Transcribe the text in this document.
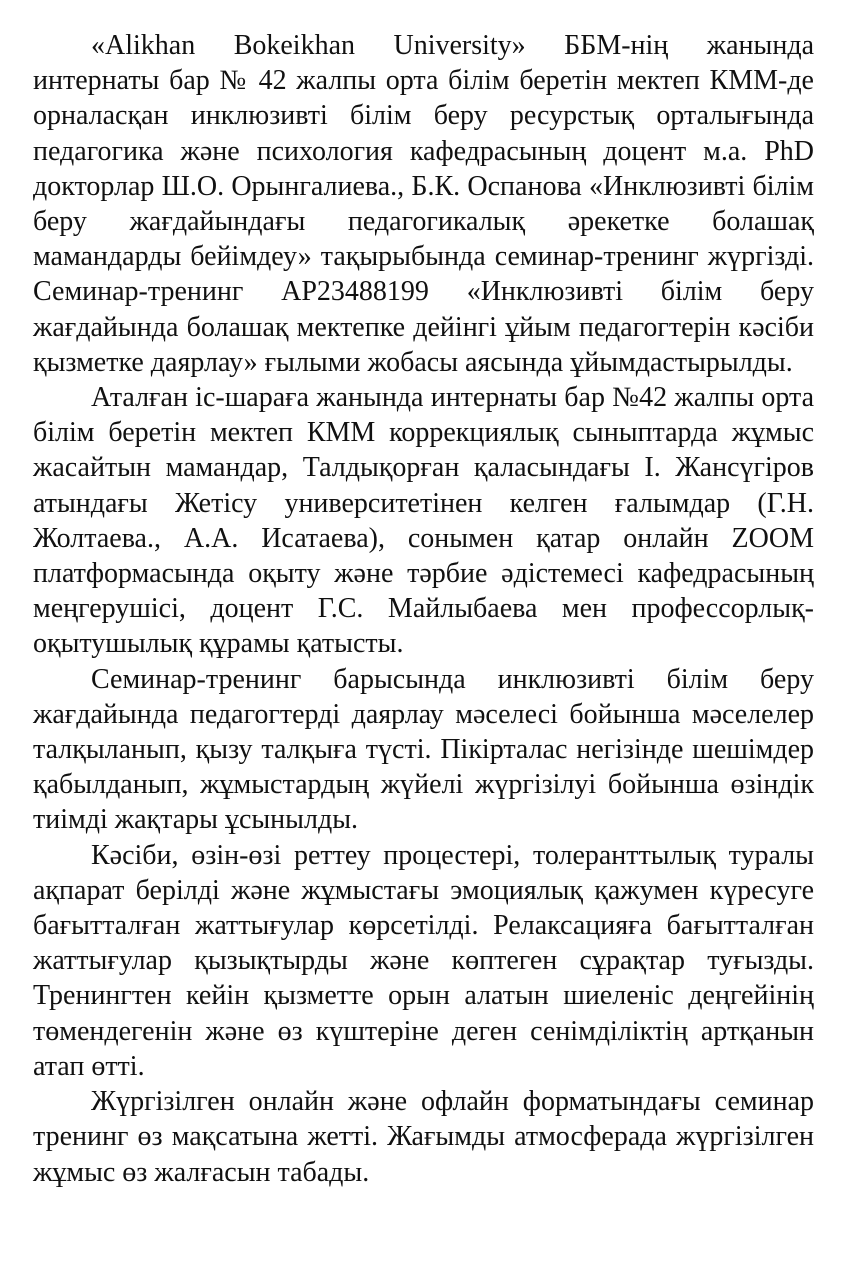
«Alikhan Bokeikhan University» ББМ-нің жанында интернаты бар № 42 жалпы орта білім беретін мектеп КММ-де орналасқан инклюзивті білім беру ресурстық орталығында педагогика және психология кафедрасының доцент м.а. PhD докторлар Ш.О. Орынгалиева., Б.К. Оспанова «Инклюзивті білім беру жағдайындағы педагогикалық әрекетке болашақ мамандарды бейімдеу» тақырыбында семинар-тренинг жүргізді. Семинар-тренинг AP23488199 «Инклюзивті білім беру жағдайында болашақ мектепке дейінгі ұйым педагогтерін кәсіби қызметке даярлау» ғылыми жобасы аясында ұйымдастырылды.

Аталған іс-шараға жанында интернаты бар №42 жалпы орта білім беретін мектеп КММ коррекциялық сыныптарда жұмыс жасайтын мамандар, Талдықорған қаласындағы І. Жансүгіров атындағы Жетісу университетінен келген ғалымдар (Г.Н. Жолтаева., А.А. Исатаева), сонымен қатар онлайн ZOOM платформасында оқыту және тәрбие әдістемесі кафедрасының меңгерушісі, доцент Г.С. Майлыбаева мен профессорлық-оқытушылық құрамы қатысты.

Семинар-тренинг барысында инклюзивті білім беру жағдайында педагогтерді даярлау мәселесі бойынша мәселелер талқыланып, қызу талқыға түсті. Пікірталас негізінде шешімдер қабылданып, жұмыстардың жүйелі жүргізілуі бойынша өзіндік тиімді жақтары ұсынылды.

Кәсіби, өзін-өзі реттеу процестері, толеранттылық туралы ақпарат берілді және жұмыстағы эмоциялық қажумен күресуге бағытталған жаттығулар көрсетілді. Релаксацияға бағытталған жаттығулар қызықтырды және көптеген сұрақтар туғызды. Тренингтен кейін қызметте орын алатын шиеленіс деңгейінің төмендегенін және өз күштеріне деген сенімділіктің артқанын атап өтті.

Жүргізілген онлайн және офлайн форматындағы семинар тренинг өз мақсатына жетті. Жағымды атмосферада жүргізілген жұмыс өз жалғасын табады.
